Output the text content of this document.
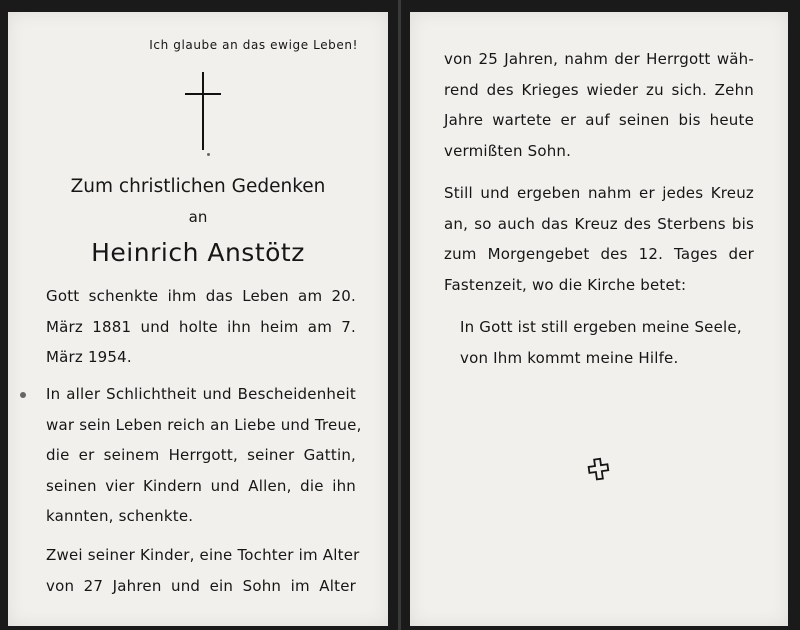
Ich glaube an das ewige Leben!

Zum christlichen Gedenken

an

Heinrich Anstötz

Gott schenkte ihm das Leben am 20.
März 1881 und holte ihn heim am 7.
März 1954.
In aller Schlichtheit und Bescheidenheit
war sein Leben reich an Liebe und Treue,
die er seinem Herrgott, seiner Gattin,
seinen vier Kindern und Allen, die ihn
kannten, schenkte.
Zwei seiner Kinder, eine Tochter im Alter
von 27 Jahren und ein Sohn im Alter
von 25 Jahren, nahm der Herrgott wäh-
rend des Krieges wieder zu sich. Zehn
Jahre wartete er auf seinen bis heute
vermißten Sohn.
Still und ergeben nahm er jedes Kreuz
an, so auch das Kreuz des Sterbens bis
zum Morgengebet des 12. Tages der
Fastenzeit, wo die Kirche betet:
In Gott ist still ergeben meine Seele,
von Ihm kommt meine Hilfe.
